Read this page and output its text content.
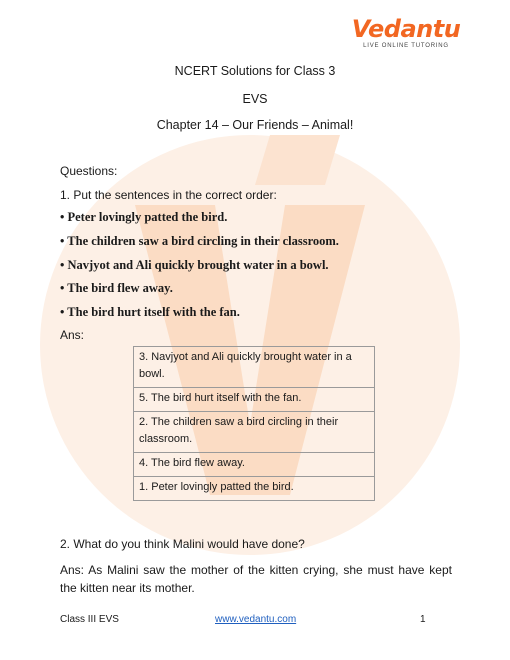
Vedantu
LIVE ONLINE TUTORING
NCERT Solutions for Class 3
EVS
Chapter 14 – Our Friends – Animal!
Questions:
1. Put the sentences in the correct order:
• Peter lovingly patted the bird.
• The children saw a bird circling in their classroom.
• Navjyot and Ali quickly brought water in a bowl.
• The bird flew away.
• The bird hurt itself with the fan.
Ans:
3. Navjyot and Ali quickly brought water in a bowl.
5. The bird hurt itself with the fan.
2. The children saw a bird circling in their classroom.
4. The bird flew away.
1. Peter lovingly patted the bird.
2. What do you think Malini would have done?
Ans: As Malini saw the mother of the kitten crying, she must have kept the kitten near its mother.
Class III EVS	www.vedantu.com	1
